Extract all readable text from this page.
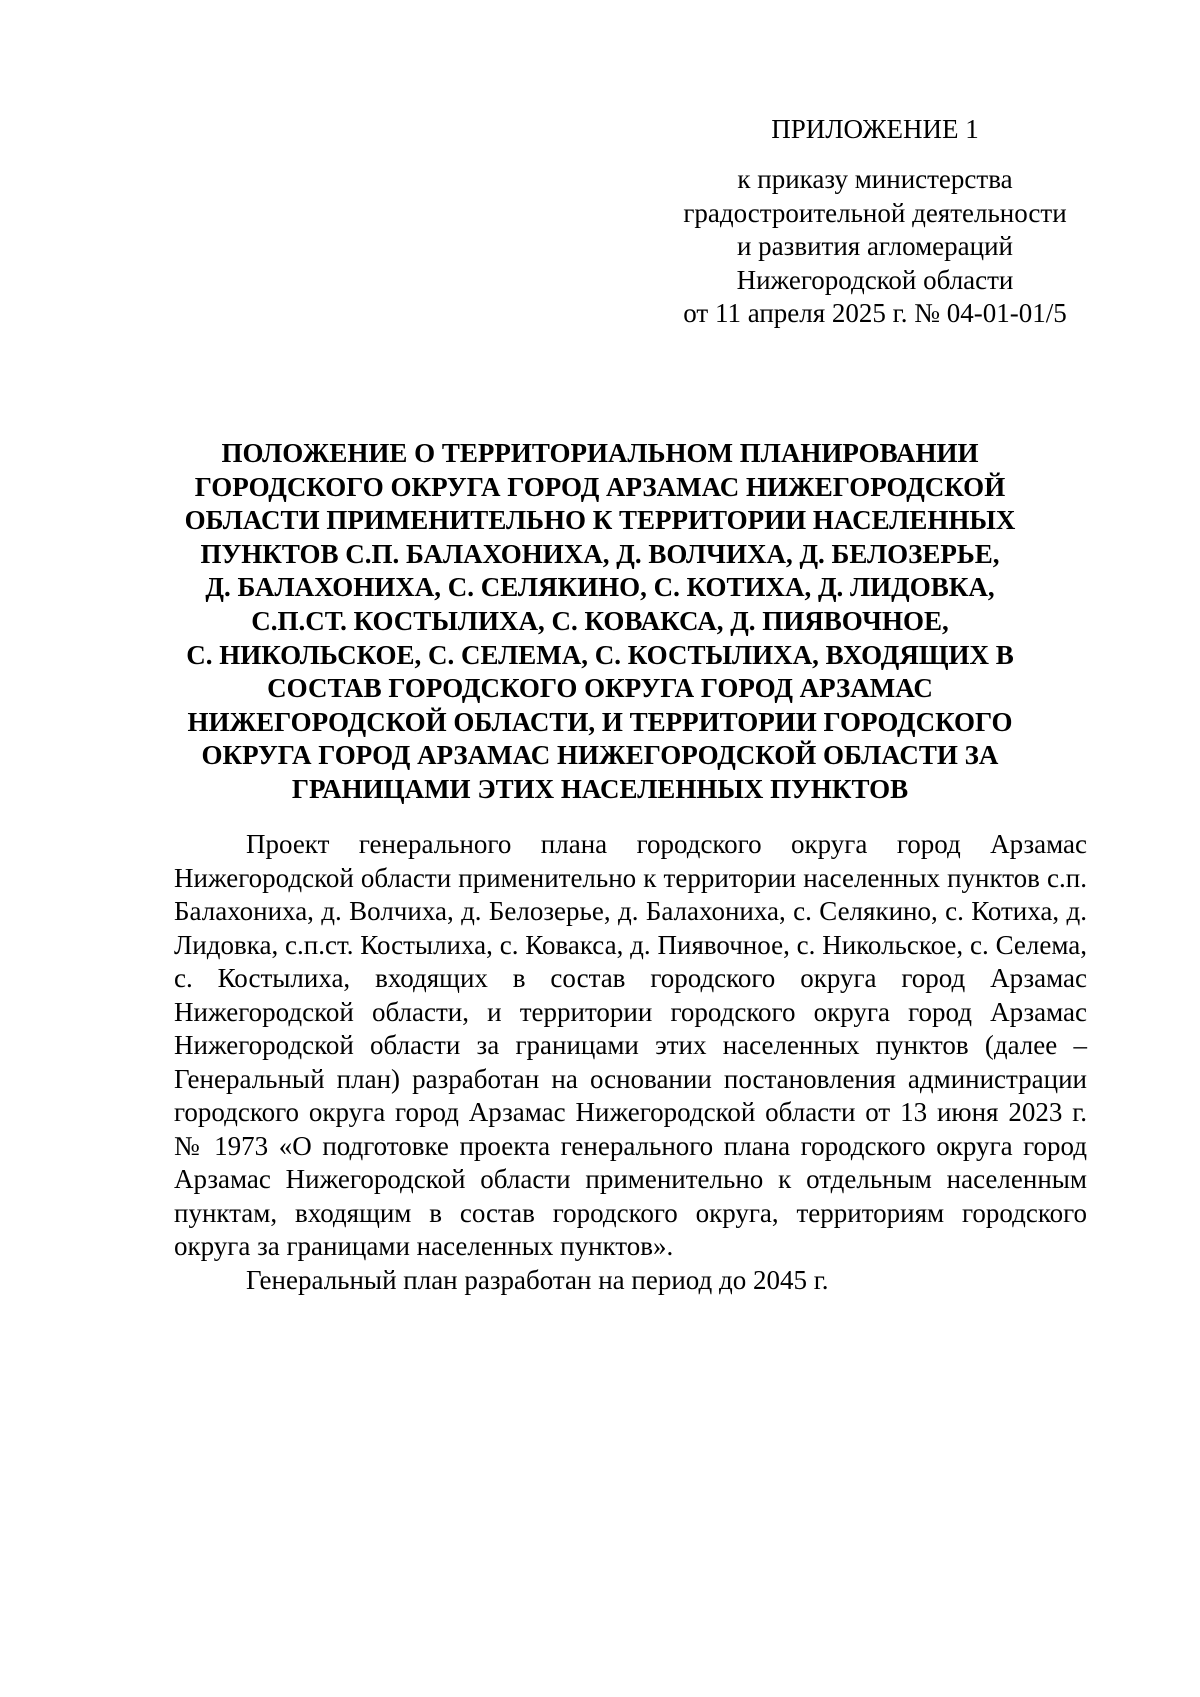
ПРИЛОЖЕНИЕ 1
к приказу министерства
градостроительной деятельности
и развития агломераций
Нижегородской области
от 11 апреля 2025 г. № 04-01-01/5
ПОЛОЖЕНИЕ О ТЕРРИТОРИАЛЬНОМ ПЛАНИРОВАНИИ
ГОРОДСКОГО ОКРУГА ГОРОД АРЗАМАС НИЖЕГОРОДСКОЙ
ОБЛАСТИ ПРИМЕНИТЕЛЬНО К ТЕРРИТОРИИ НАСЕЛЕННЫХ
ПУНКТОВ С.П. БАЛАХОНИХА, Д. ВОЛЧИХА, Д. БЕЛОЗЕРЬЕ,
Д. БАЛАХОНИХА, С. СЕЛЯКИНО, С. КОТИХА, Д. ЛИДОВКА,
С.П.СТ. КОСТЫЛИХА, С. КОВАКСА, Д. ПИЯВОЧНОЕ,
С. НИКОЛЬСКОЕ, С. СЕЛЕМА, С. КОСТЫЛИХА, ВХОДЯЩИХ В
СОСТАВ ГОРОДСКОГО ОКРУГА ГОРОД АРЗАМАС
НИЖЕГОРОДСКОЙ ОБЛАСТИ, И ТЕРРИТОРИИ ГОРОДСКОГО
ОКРУГА ГОРОД АРЗАМАС НИЖЕГОРОДСКОЙ ОБЛАСТИ ЗА
ГРАНИЦАМИ ЭТИХ НАСЕЛЕННЫХ ПУНКТОВ

Проект генерального плана городского округа город Арзамас Нижегородской области применительно к территории населенных пунктов с.п. Балахониха, д. Волчиха, д. Белозерье, д. Балахониха, с. Селякино, с. Котиха, д. Лидовка, с.п.ст. Костылиха, с. Ковакса, д. Пиявочное, с. Никольское, с. Селема, с. Костылиха, входящих в состав городского округа город Арзамас Нижегородской области, и территории городского округа город Арзамас Нижегородской области за границами этих населенных пунктов (далее – Генеральный план) разработан на основании постановления администрации городского округа город Арзамас Нижегородской области от 13 июня 2023 г. № 1973 «О подготовке проекта генерального плана городского округа город Арзамас Нижегородской области применительно к отдельным населенным пунктам, входящим в состав городского округа, территориям городского округа за границами населенных пунктов».

Генеральный план разработан на период до 2045 г.
